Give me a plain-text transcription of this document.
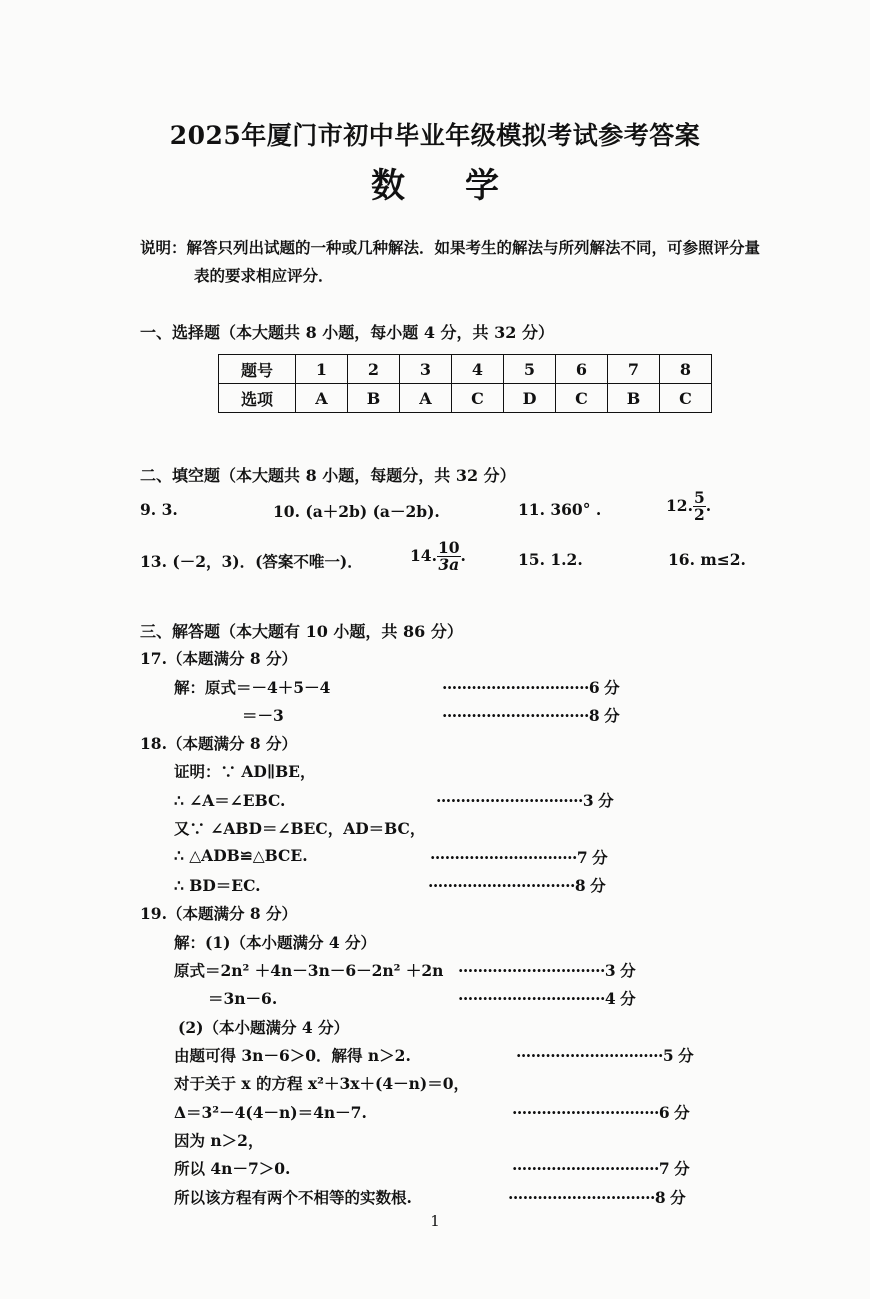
2025年厦门市初中毕业年级模拟考试参考答案
数学
说明：解答只列出试题的一种或几种解法．如果考生的解法与所列解法不同，可参照评分量
表的要求相应评分．
一、选择题（本大题共 8 小题，每小题 4 分，共 32 分）
题号	1	2	3	4	5	6	7	8
选项	A	B	A	C	D	C	B	C
二、填空题（本大题共 8 小题，每题分，共 32 分）
9. 3.	10. (a＋2b) (a－2b).	11. 360° .	12. $\frac{5}{2}$ .
13. (－2，3)．(答案不唯一)．	14. $\frac{10}{3a}$ .	15. 1.2.	16. m≤2.
三、解答题（本大题有 10 小题，共 86 分）
17.（本题满分 8 分）
解：原式＝－4＋5－4	······························6 分
＝－3	······························8 分
18.（本题满分 8 分）
证明：∵ AD∥BE，
∴ ∠A＝∠EBC.	······························3 分
又∵ ∠ABD＝∠BEC，AD＝BC，
∴ △ADB≌△BCE.	······························7 分
∴ BD＝EC.	······························8 分
19.（本题满分 8 分）
解：(1)（本小题满分 4 分）
原式＝2n² ＋4n－3n－6－2n² ＋2n ······························3 分
＝3n－6.	······························4 分
(2)（本小题满分 4 分）
由题可得 3n－6＞0．解得 n＞2.	······························5 分
对于关于 x 的方程 x²＋3x＋(4－n)＝0，
Δ＝3²－4(4－n)＝4n－7.	······························6 分
因为 n＞2，
所以 4n－7＞0.	······························7 分
所以该方程有两个不相等的实数根.	······························8 分
1
